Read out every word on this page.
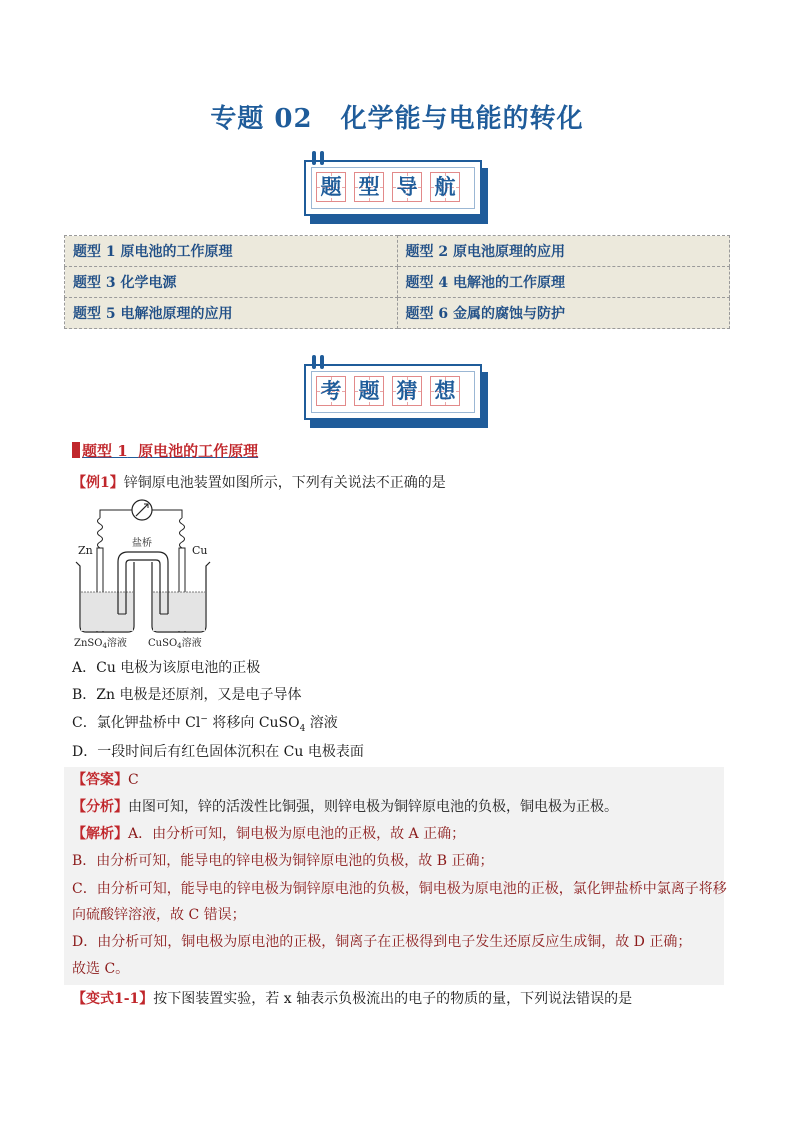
专题 02 化学能与电能的转化
题 型 导 航
题型 1 原电池的工作原理	题型 2 原电池原理的应用
题型 3 化学电源	题型 4 电解池的工作原理
题型 5 电解池原理的应用	题型 6 金属的腐蚀与防护
考 题 猜 想
题型 1 原电池的工作原理
【例1】锌铜原电池装置如图所示，下列有关说法不正确的是
Zn	Cu
盐桥
ZnSO$_4$溶液 CuSO$_4$溶液
A．Cu 电极为该原电池的正极
B．Zn 电极是还原剂，又是电子导体
C．氯化钾盐桥中 Cl− 将移向 CuSO$_4$ 溶液
D．一段时间后有红色固体沉积在 Cu 电极表面
【答案】C
【分析】由图可知，锌的活泼性比铜强，则锌电极为铜锌原电池的负极，铜电极为正极。
【解析】A．由分析可知，铜电极为原电池的正极，故 A 正确；
B．由分析可知，能导电的锌电极为铜锌原电池的负极，故 B 正确；
C．由分析可知，能导电的锌电极为铜锌原电池的负极，铜电极为原电池的正极，氯化钾盐桥中氯离子将移
向硫酸锌溶液，故 C 错误；
D．由分析可知，铜电极为原电池的正极，铜离子在正极得到电子发生还原反应生成铜，故 D 正确；
故选 C。
【变式1-1】按下图装置实验，若 x 轴表示负极流出的电子的物质的量，下列说法错误的是
